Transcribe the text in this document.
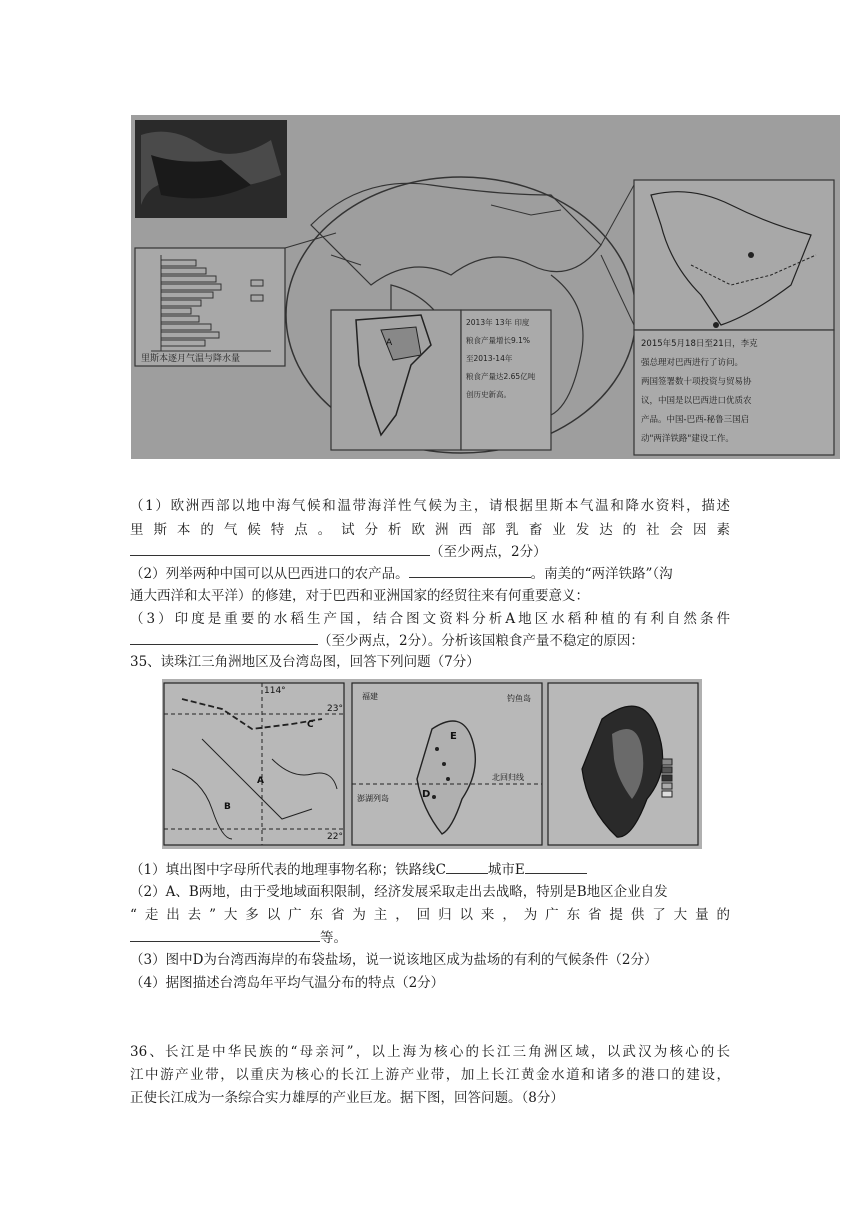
里斯本逐月气温与降水量
A
2013年 13年 印度
粮食产量增长9.1%
至2013-14年
粮食产量达2.65亿吨
创历史新高。
2015年5月18日至21日，李克
强总理对巴西进行了访问。
两国签署数十项投资与贸易协
议，中国是以巴西进口优质农
产品。中国-巴西-秘鲁三国启
动"两洋铁路"建设工作。
（1）欧洲西部以地中海气候和温带海洋性气候为主，请根据里斯本气温和降水资料，描述
里斯本的气候特点。试分析欧洲西部乳畜业发达的社会因素
（至少两点，2分）
（2）列举两种中国可以从巴西进口的农产品。	。南美的“两洋铁路”（沟
通大西洋和太平洋）的修建，对于巴西和亚洲国家的经贸往来有何重要意义：
（3）印度是重要的水稻生产国，结合图文资料分析A地区水稻种植的有利自然条件
（至少两点，2分）。分析该国粮食产量不稳定的原因：
35、读珠江三角洲地区及台湾岛图，回答下列问题（7分）
114°
23°
22°
C
A
B
福建	钓鱼岛
北回归线
澎湖列岛
E
D
（1）填出图中字母所代表的地理事物名称；铁路线C	城市E
（2）A、B两地，由于受地域面积限制，经济发展采取走出去战略，特别是B地区企业自发
“走出去”大多以广东省为主，回归以来，为广东省提供了大量的
等。
（3）图中D为台湾西海岸的布袋盐场，说一说该地区成为盐场的有利的气候条件（2分）
（4）据图描述台湾岛年平均气温分布的特点（2分）
36、长江是中华民族的“母亲河”，以上海为核心的长江三角洲区域，以武汉为核心的长
江中游产业带，以重庆为核心的长江上游产业带，加上长江黄金水道和诸多的港口的建设，
正使长江成为一条综合实力雄厚的产业巨龙。据下图，回答问题。（8分）
